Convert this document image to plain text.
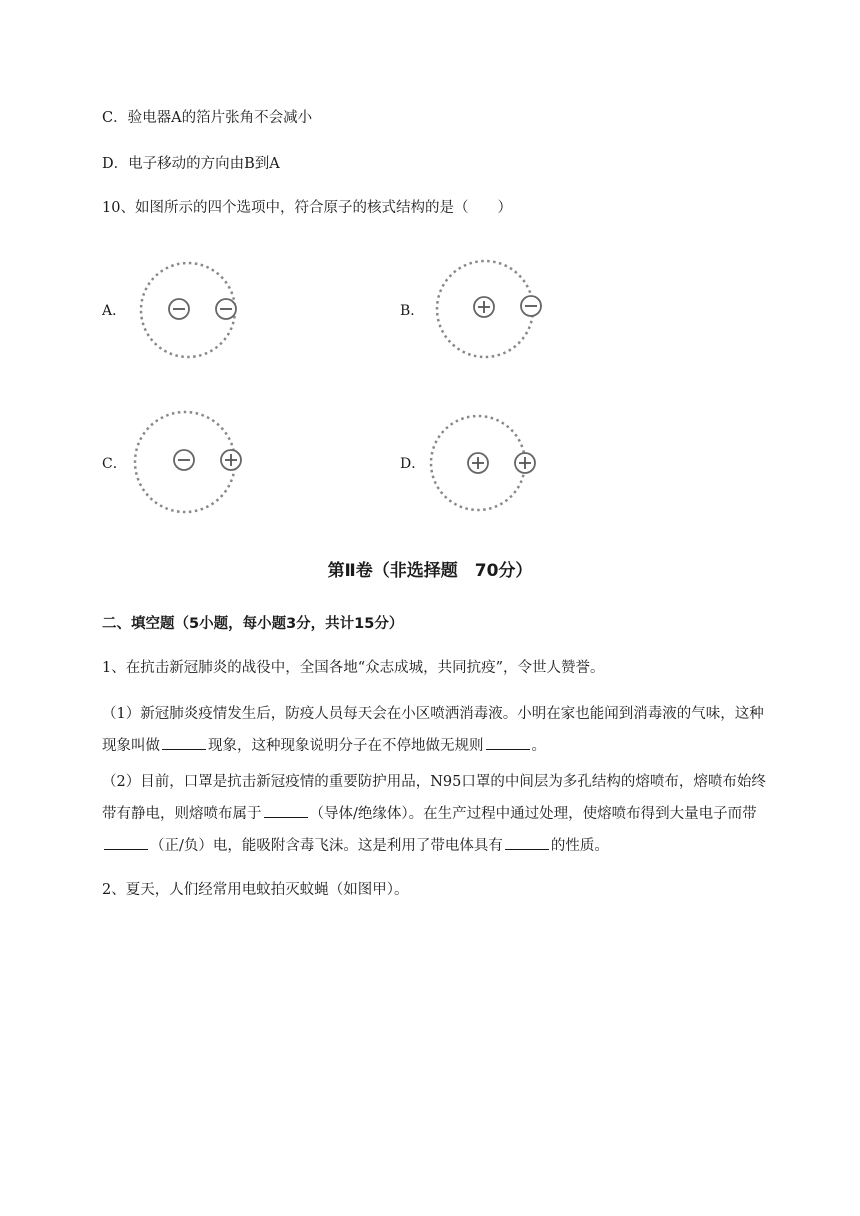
C．验电器A的箔片张角不会减小
D．电子移动的方向由B到A
10、如图所示的四个选项中，符合原子的核式结构的是（　　）
A．	B．
C．	D．
第Ⅱ卷（非选择题　70分）
二、填空题（5小题，每小题3分，共计15分）
1、在抗击新冠肺炎的战役中，全国各地“众志成城，共同抗疫”，令世人赞誉。
（1）新冠肺炎疫情发生后，防疫人员每天会在小区喷洒消毒液。小明在家也能闻到消毒液的气味，这种现象叫做	现象，这种现象说明分子在不停地做无规则	。
（2）目前，口罩是抗击新冠疫情的重要防护用品，N95口罩的中间层为多孔结构的熔喷布，熔喷布始终带有静电，则熔喷布属于	（导体/绝缘体）。在生产过程中通过处理，使熔喷布得到大量电子而带（正/负）电，能吸附含毒飞沫。这是利用了带电体具有	的性质。
2、夏天，人们经常用电蚊拍灭蚊蝇（如图甲）。
